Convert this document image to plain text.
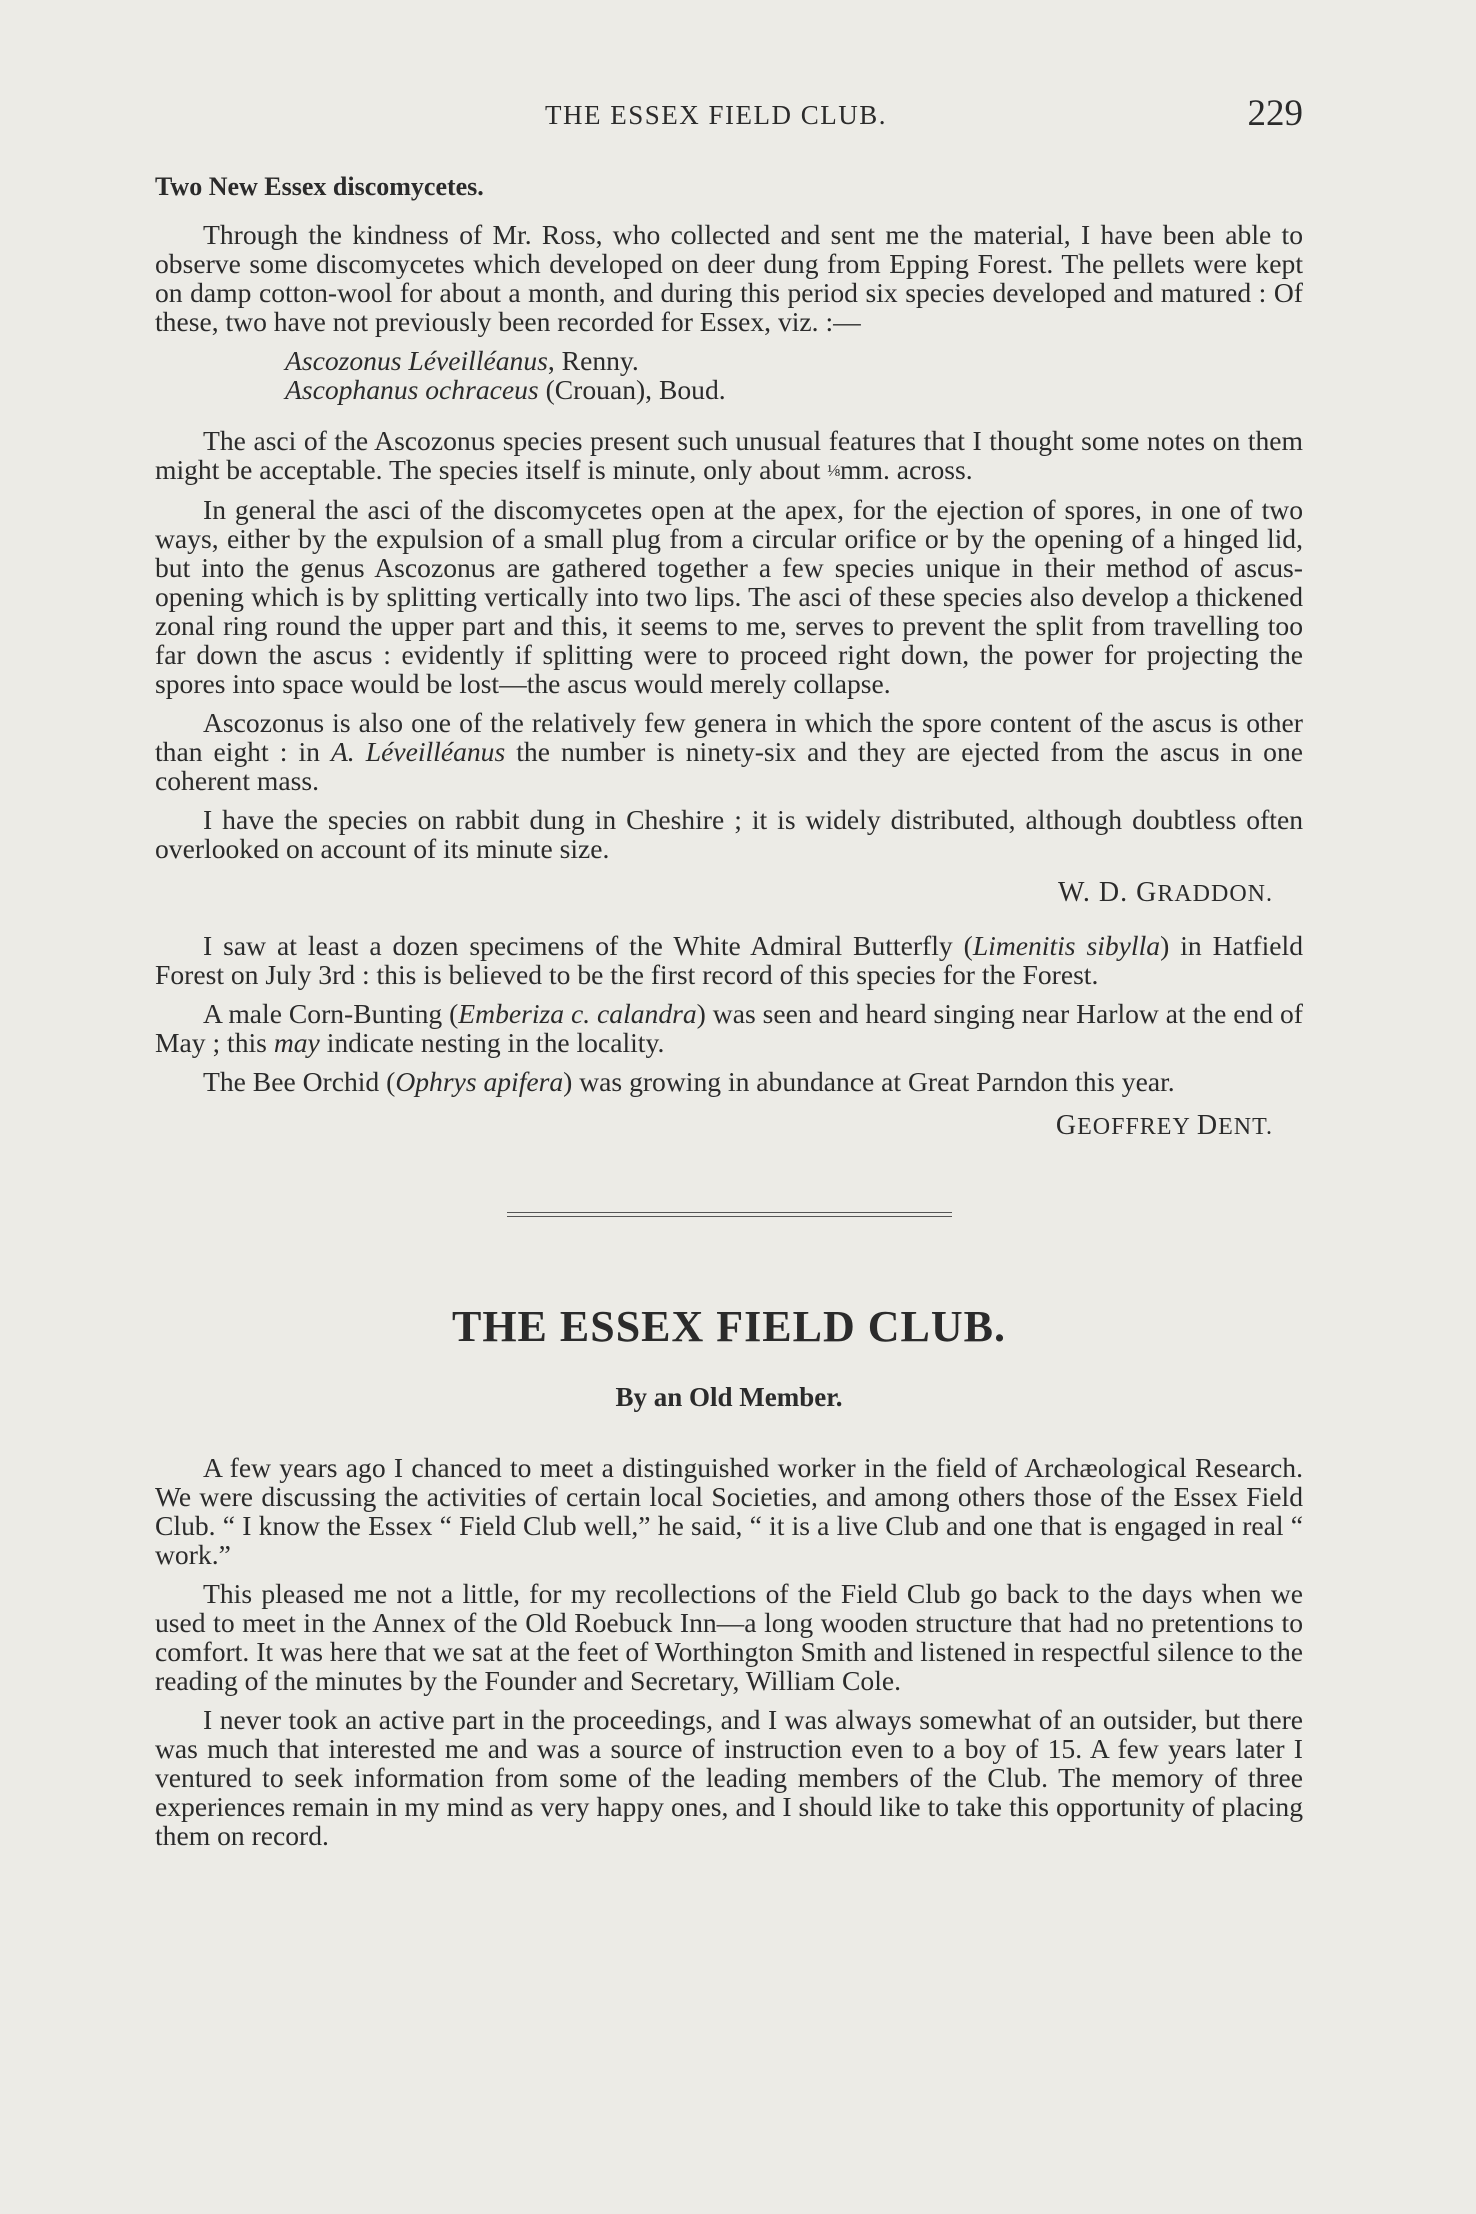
THE ESSEX FIELD CLUB.	229
Two New Essex discomycetes.

Through the kindness of Mr. Ross, who collected and sent me the material, I have been able to observe some discomycetes which developed on deer dung from Epping Forest. The pellets were kept on damp cotton-wool for about a month, and during this period six species developed and matured : Of these, two have not previously been recorded for Essex, viz. :—

Ascozonus Léveilléanus, Renny.
Ascophanus ochraceus (Crouan), Boud.

The asci of the Ascozonus species present such unusual features that I thought some notes on them might be acceptable. The species itself is minute, only about ⅛mm. across.

In general the asci of the discomycetes open at the apex, for the ejection of spores, in one of two ways, either by the expulsion of a small plug from a circular orifice or by the opening of a hinged lid, but into the genus Ascozonus are gathered together a few species unique in their method of ascus-opening which is by splitting vertically into two lips. The asci of these species also develop a thickened zonal ring round the upper part and this, it seems to me, serves to prevent the split from travelling too far down the ascus : evidently if splitting were to proceed right down, the power for projecting the spores into space would be lost—the ascus would merely collapse.

Ascozonus is also one of the relatively few genera in which the spore content of the ascus is other than eight : in A. Léveilléanus the number is ninety-six and they are ejected from the ascus in one coherent mass.

I have the species on rabbit dung in Cheshire ; it is widely distributed, although doubtless often overlooked on account of its minute size.

W. D. GRADDON.

I saw at least a dozen specimens of the White Admiral Butterfly (Limenitis sibylla) in Hatfield Forest on July 3rd : this is believed to be the first record of this species for the Forest.

A male Corn-Bunting (Emberiza c. calandra) was seen and heard singing near Harlow at the end of May ; this may indicate nesting in the locality.

The Bee Orchid (Ophrys apifera) was growing in abundance at Great Parndon this year.

GEOFFREY DENT.
THE ESSEX FIELD CLUB.
By an Old Member.

A few years ago I chanced to meet a distinguished worker in the field of Archæological Research. We were discussing the activities of certain local Societies, and among others those of the Essex Field Club. “ I know the Essex “ Field Club well,” he said, “ it is a live Club and one that is engaged in real “ work.”

This pleased me not a little, for my recollections of the Field Club go back to the days when we used to meet in the Annex of the Old Roebuck Inn—a long wooden structure that had no pretentions to comfort. It was here that we sat at the feet of Worthington Smith and listened in respectful silence to the reading of the minutes by the Founder and Secretary, William Cole.

I never took an active part in the proceedings, and I was always somewhat of an outsider, but there was much that interested me and was a source of instruction even to a boy of 15. A few years later I ventured to seek information from some of the leading members of the Club. The memory of three experiences remain in my mind as very happy ones, and I should like to take this opportunity of placing them on record.
